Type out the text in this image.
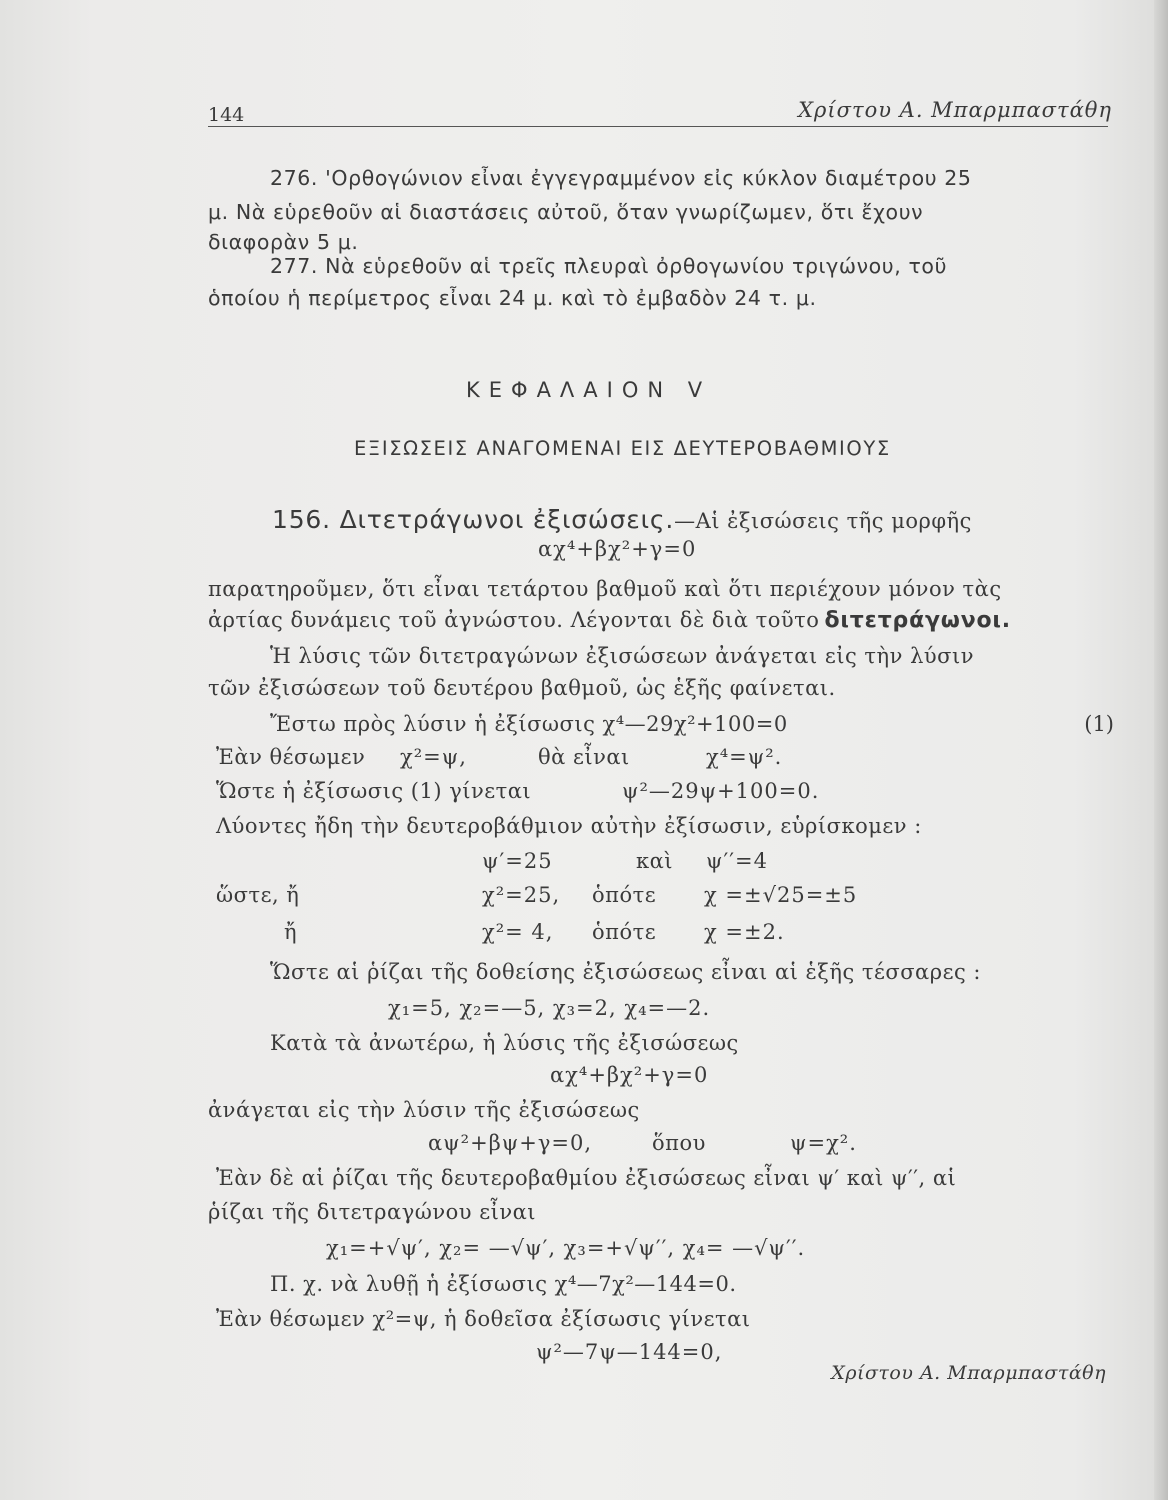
144	Χρίστου Α. Μπαρμπαστάθη
276. 'Ορθογώνιον εἶναι ἐγγεγραμμένον εἰς κύκλον διαμέτρου 25
μ. Νὰ εὑρεθοῦν αἱ διαστάσεις αὐτοῦ, ὅταν γνωρίζωμεν, ὅτι ἔχουν
διαφορὰν 5 μ.
277. Νὰ εὑρεθοῦν αἱ τρεῖς πλευραὶ ὀρθογωνίου τριγώνου, τοῦ
ὁποίου ἡ περίμετρος εἶναι 24 μ. καὶ τὸ ἐμβαδὸν 24 τ. μ.
ΚΕΦΑΛΑΙΟΝ V
ΕΞΙΣΩΣΕΙΣ ΑΝΑΓΟΜΕΝΑΙ ΕΙΣ ΔΕΥΤΕΡΟΒΑΘΜΙΟΥΣ
156. Διτετράγωνοι ἐξισώσεις.—Αἱ ἐξισώσεις τῆς μορφῆς
αχ⁴+βχ²+γ=0
παρατηροῦμεν, ὅτι εἶναι τετάρτου βαθμοῦ καὶ ὅτι περιέχουν μόνον τὰς
ἀρτίας δυνάμεις τοῦ ἀγνώστου. Λέγονται δὲ διὰ τοῦτο διτετράγωνοι.
Ἡ λύσις τῶν διτετραγώνων ἐξισώσεων ἀνάγεται εἰς τὴν λύσιν
τῶν ἐξισώσεων τοῦ δευτέρου βαθμοῦ, ὡς ἑξῆς φαίνεται.
Ἔστω πρὸς λύσιν ἡ ἐξίσωσις χ⁴—29χ²+100=0	(1)
Ἐὰν θέσωμεν χ²=ψ,	θὰ εἶναι	χ⁴=ψ².
Ὥστε ἡ ἐξίσωσις (1) γίνεται	ψ²—29ψ+100=0.
Λύοντες ἤδη τὴν δευτεροβάθμιον αὐτὴν ἐξίσωσιν, εὑρίσκομεν :
ψ′=25	καὶ ψ′′=4
ὥστε, ἤ	χ²=25, ὁπότε χ =±√25=±5
ἤ	χ²= 4, ὁπότε χ =±2.
Ὥστε αἱ ῥίζαι τῆς δοθείσης ἐξισώσεως εἶναι αἱ ἑξῆς τέσσαρες :
χ₁=5, χ₂=—5, χ₃=2, χ₄=—2.
Κατὰ τὰ ἀνωτέρω, ἡ λύσις τῆς ἐξισώσεως
αχ⁴+βχ²+γ=0
ἀνάγεται εἰς τὴν λύσιν τῆς ἐξισώσεως
αψ²+βψ+γ=0,	ὅπου	ψ=χ².
Ἐὰν δὲ αἱ ῥίζαι τῆς δευτεροβαθμίου ἐξισώσεως εἶναι ψ′ καὶ ψ′′, αἱ
ῥίζαι τῆς διτετραγώνου εἶναι
χ₁=+√ψ′, χ₂= —√ψ′, χ₃=+√ψ′′, χ₄= —√ψ′′.
Π. χ. νὰ λυθῇ ἡ ἐξίσωσις χ⁴—7χ²—144=0.
Ἐὰν θέσωμεν χ²=ψ, ἡ δοθεῖσα ἐξίσωσις γίνεται
ψ²—7ψ—144=0,
Χρίστου Α. Μπαρμπαστάθη
